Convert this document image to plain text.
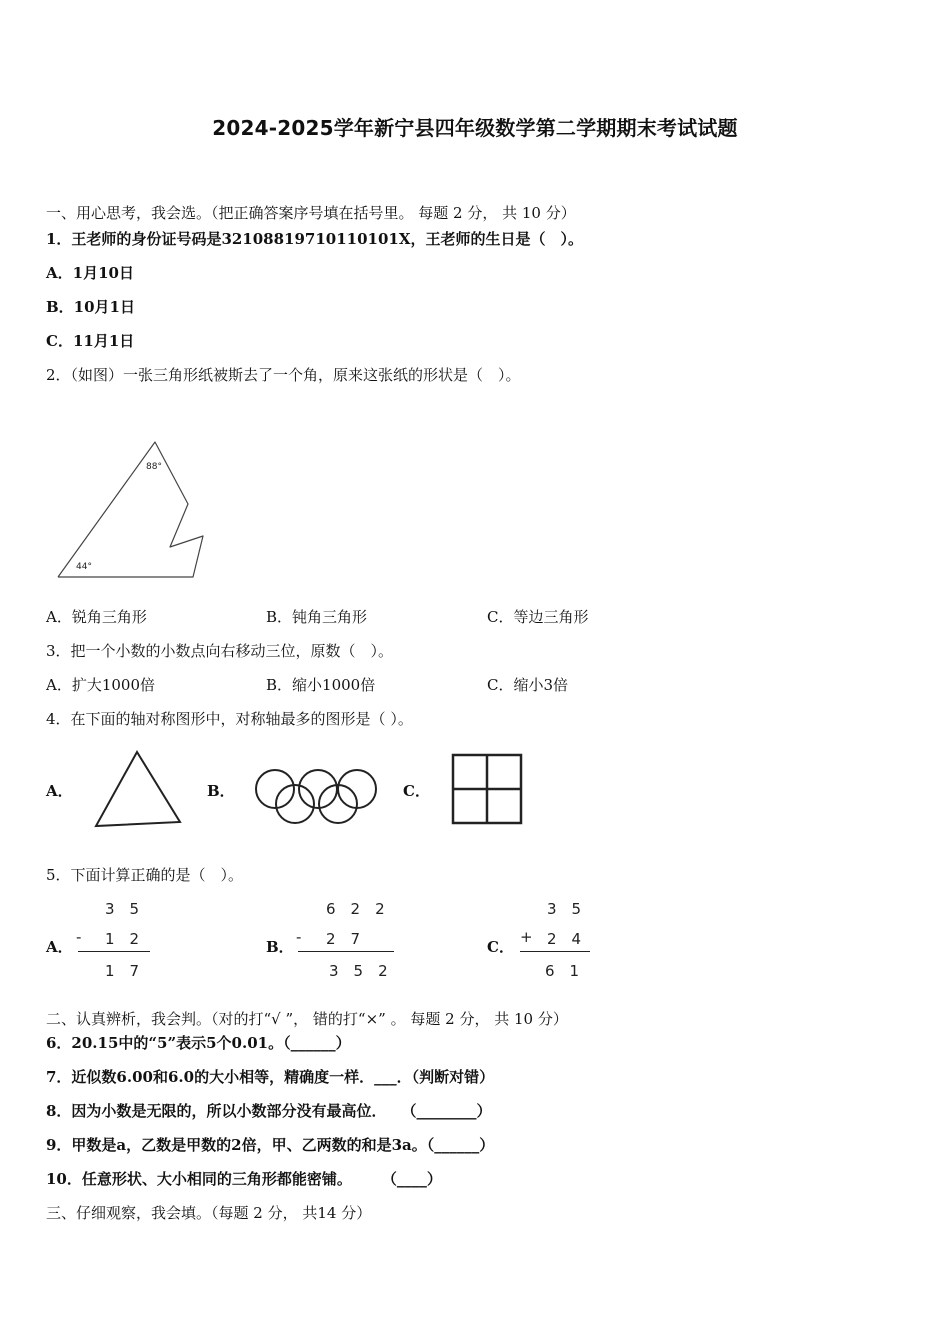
2024-2025学年新宁县四年级数学第二学期期末考试试题
一、用心思考，我会选。（把正确答案序号填在括号里。 每题 2 分， 共 10 分）
1．王老师的身份证号码是32108819710110101X，王老师的生日是（　）。
A．1月10日
B．10月1日
C．11月1日
2．（如图）一张三角形纸被斯去了一个角，原来这张纸的形状是（　）。
88°
44°
A．锐角三角形	B．钝角三角形	C．等边三角形
3．把一个小数的小数点向右移动三位，原数（　）。
A．扩大1000倍	B．缩小1000倍	C．缩小3倍
4．在下面的轴对称图形中，对称轴最多的图形是（ ）。
A．	B．	C．
5．下面计算正确的是（　）。
A．
3　5
- 1　2
1　7
B．
6　2　2
- 2　7
3　5　2
C．
3　5
+ 2　4
6　1
二、认真辨析，我会判。（对的打“√ ”， 错的打“×” 。 每题 2 分， 共 10 分）
6．20.15中的“5”表示5个0.01。（______）
7．近似数6.00和6.0的大小相等，精确度一样．___．（判断对错）
8．因为小数是无限的，所以小数部分没有最高位．　　（________）
9．甲数是a，乙数是甲数的2倍，甲、乙两数的和是3a。（______）
10．任意形状、大小相同的三角形都能密铺。　　　（____）
三、仔细观察，我会填。（每题 2 分， 共14 分）
